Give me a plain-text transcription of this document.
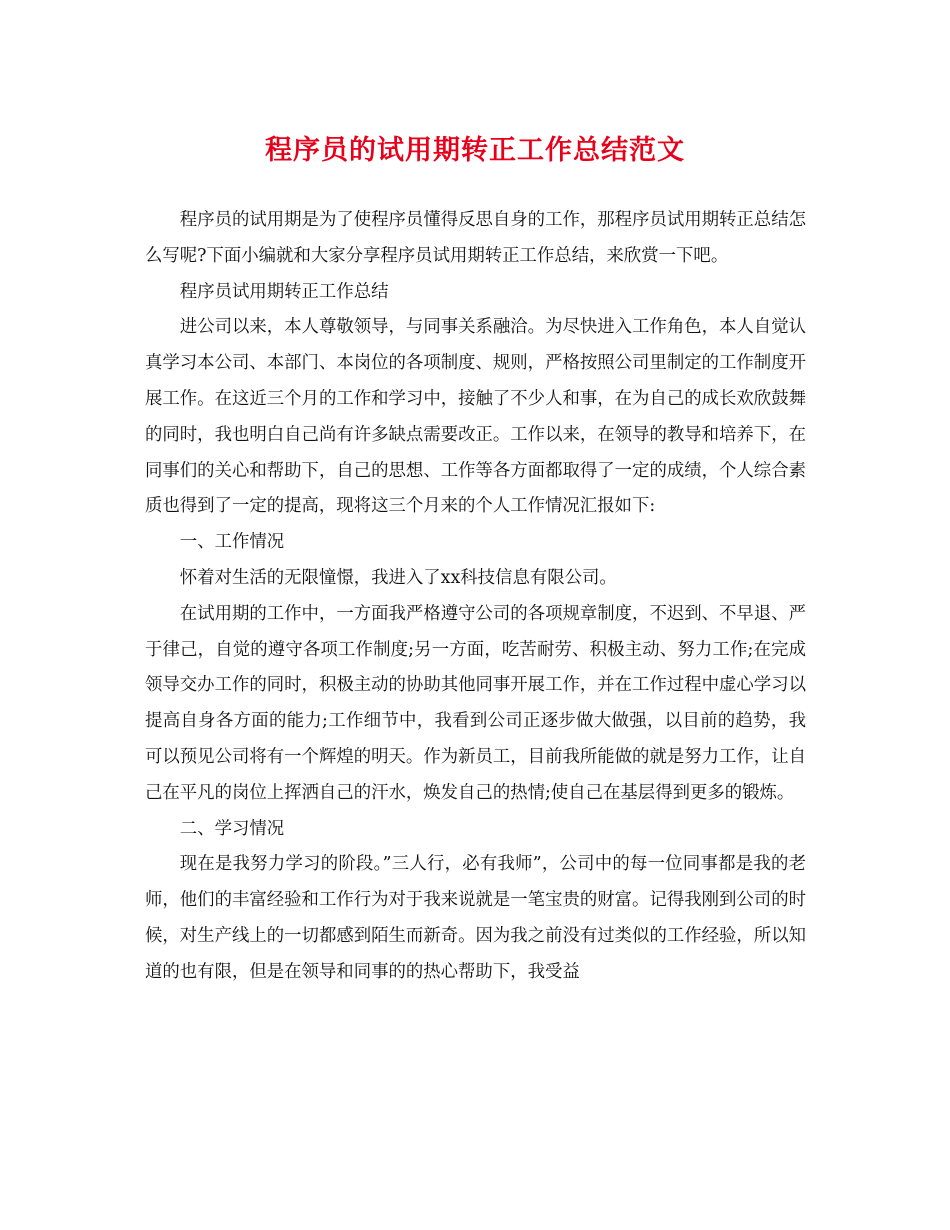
程序员的试用期转正工作总结范文

程序员的试用期是为了使程序员懂得反思自身的工作，那程序员试用期转正总结怎么写呢?下面小编就和大家分享程序员试用期转正工作总结，来欣赏一下吧。

程序员试用期转正工作总结

进公司以来，本人尊敬领导，与同事关系融洽。为尽快进入工作角色，本人自觉认真学习本公司、本部门、本岗位的各项制度、规则，严格按照公司里制定的工作制度开展工作。在这近三个月的工作和学习中，接触了不少人和事，在为自己的成长欢欣鼓舞的同时，我也明白自己尚有许多缺点需要改正。工作以来，在领导的教导和培养下，在同事们的关心和帮助下，自己的思想、工作等各方面都取得了一定的成绩，个人综合素质也得到了一定的提高，现将这三个月来的个人工作情况汇报如下:

一、工作情况

怀着对生活的无限憧憬，我进入了xx科技信息有限公司。

在试用期的工作中，一方面我严格遵守公司的各项规章制度，不迟到、不早退、严于律己，自觉的遵守各项工作制度;另一方面，吃苦耐劳、积极主动、努力工作;在完成领导交办工作的同时，积极主动的协助其他同事开展工作，并在工作过程中虚心学习以提高自身各方面的能力;工作细节中，我看到公司正逐步做大做强，以目前的趋势，我可以预见公司将有一个辉煌的明天。作为新员工，目前我所能做的就是努力工作，让自己在平凡的岗位上挥洒自己的汗水，焕发自己的热情;使自己在基层得到更多的锻炼。

二、学习情况

现在是我努力学习的阶段。”三人行，必有我师”，公司中的每一位同事都是我的老师，他们的丰富经验和工作行为对于我来说就是一笔宝贵的财富。记得我刚到公司的时候，对生产线上的一切都感到陌生而新奇。因为我之前没有过类似的工作经验，所以知道的也有限，但是在领导和同事的的热心帮助下，我受益
